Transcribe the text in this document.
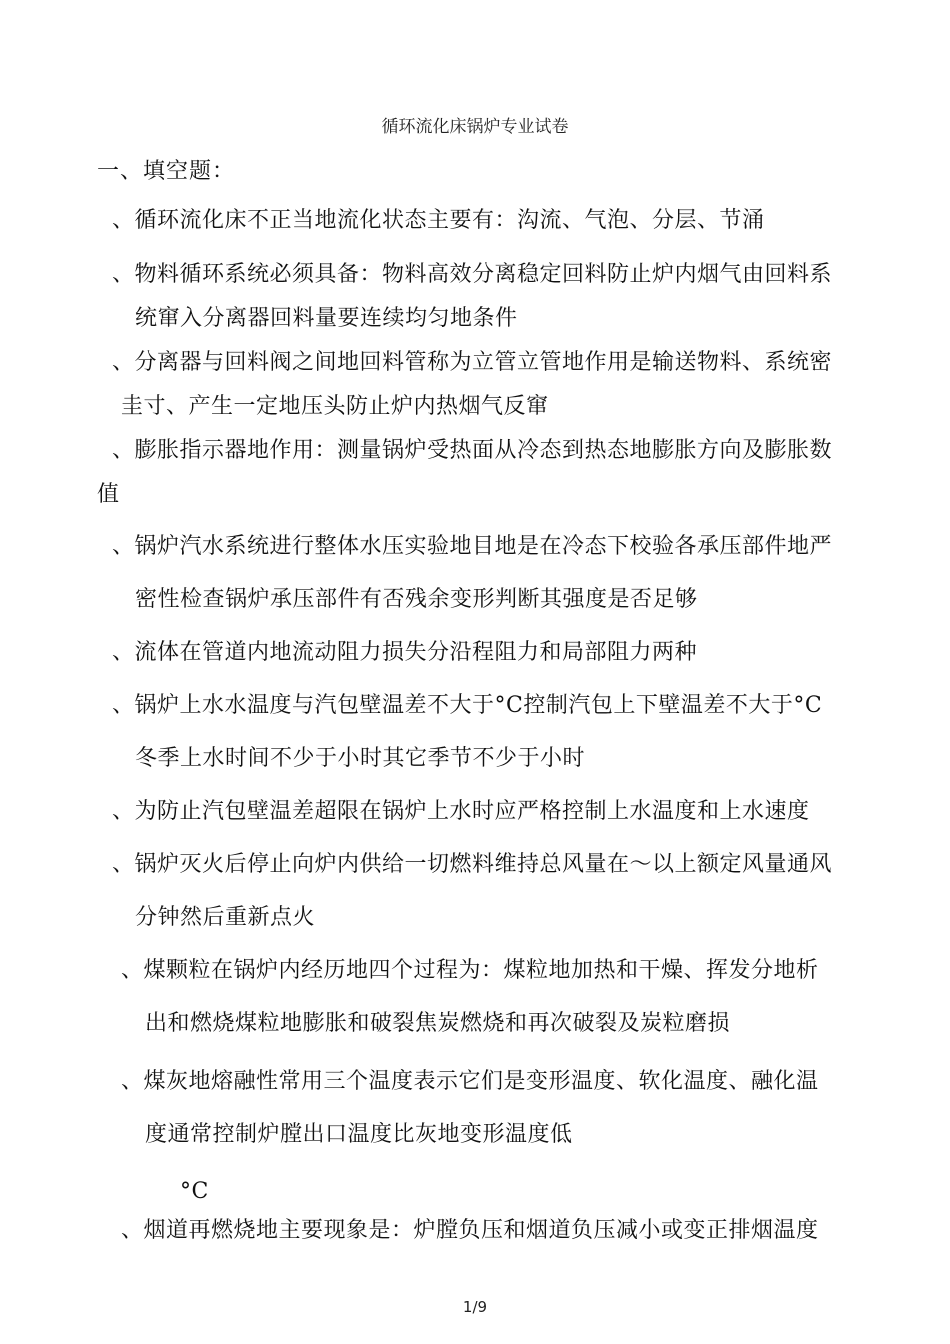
循环流化床锅炉专业试卷
一、填空题：
、循环流化床不正当地流化状态主要有：沟流、气泡、分层、节涌
、物料循环系统必须具备：物料高效分离稳定回料防止炉内烟气由回料系
统窜入分离器回料量要连续均匀地条件
、分离器与回料阀之间地回料管称为立管立管地作用是输送物料、系统密
圭寸、产生一定地压头防止炉内热烟气反窜
、膨胀指示器地作用：测量锅炉受热面从冷态到热态地膨胀方向及膨胀数
值
、锅炉汽水系统进行整体水压实验地目地是在冷态下校验各承压部件地严
密性检查锅炉承压部件有否残余变形判断其强度是否足够
、流体在管道内地流动阻力损失分沿程阻力和局部阻力两种
、锅炉上水水温度与汽包壁温差不大于°C控制汽包上下壁温差不大于°C
冬季上水时间不少于小时其它季节不少于小时
、为防止汽包壁温差超限在锅炉上水时应严格控制上水温度和上水速度
、锅炉灭火后停止向炉内供给一切燃料维持总风量在〜以上额定风量通风
分钟然后重新点火
、煤颗粒在锅炉内经历地四个过程为：煤粒地加热和干燥、挥发分地析
出和燃烧煤粒地膨胀和破裂焦炭燃烧和再次破裂及炭粒磨损
、煤灰地熔融性常用三个温度表示它们是变形温度、软化温度、融化温
度通常控制炉膛出口温度比灰地变形温度低
°C
、烟道再燃烧地主要现象是：炉膛负压和烟道负压减小或变正排烟温度
1/9
